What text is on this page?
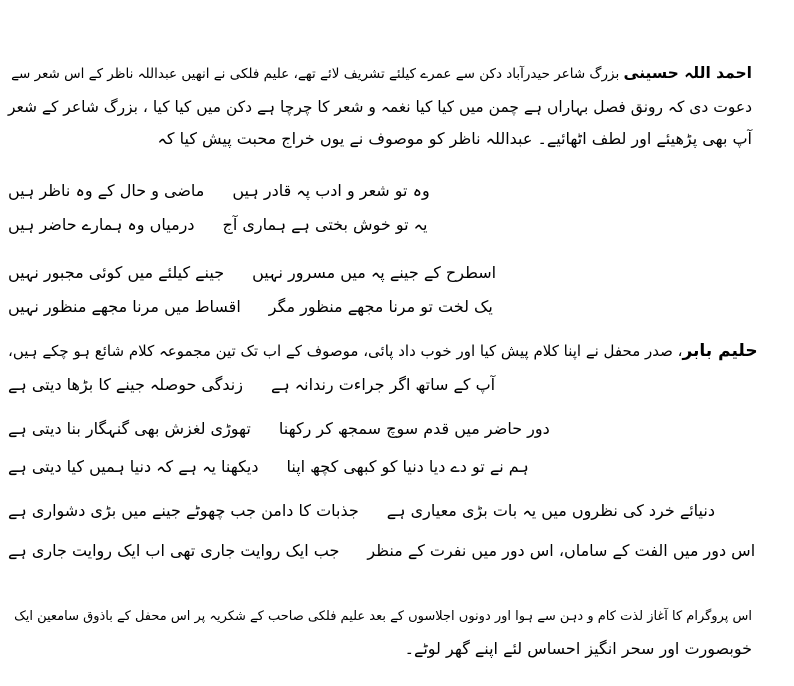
احمد اللہ حسینی بزرگ شاعر حیدرآباد دکن سے عمرے کیلئے تشریف لائے تھے، علیم فلکی نے انھیں عبداللہ ناظر کے اس شعر سے
دعوت دی کہ رونق فصل بہاراں ہے چمن میں کیا کیا نغمہ و شعر کا چرچا ہے دکن میں کیا کیا ، بزرگ شاعر کے شعر
آپ بھی پڑھیئے اور لطف اٹھائیے۔ عبداللہ ناظر کو موصوف نے یوں خراج محبت پیش کیا کہ
وہ تو شعر و ادب پہ قادر ہیںماضی و حال کے وہ ناظر ہیں
یہ تو خوش بختی ہے ہماری آجدرمیاں وہ ہمارے حاضر ہیں
اسطرح کے جینے پہ میں مسرور نہیںجینے کیلئے میں کوئی مجبور نہیں
یک لخت تو مرنا مجھے منظور مگراقساط میں مرنا مجھے منظور نہیں
حلیم بابر، صدر محفل نے اپنا کلام پیش کیا اور خوب داد پائی، موصوف کے اب تک تین مجموعہ کلام شائع ہو چکے ہیں،
آپ کے ساتھ اگر جراءت رندانہ ہےزندگی حوصلہ جینے کا بڑھا دیتی ہے
دور حاضر میں قدم سوچ سمجھ کر رکھناتھوڑی لغزش بھی گنہگار بنا دیتی ہے
ہم نے تو دے دیا دنیا کو کبھی کچھ اپنادیکھنا یہ ہے کہ دنیا ہمیں کیا دیتی ہے
دنیائے خرد کی نظروں میں یہ بات بڑی معیاری ہےجذبات کا دامن جب چھوٹے جینے میں بڑی دشواری ہے
اس دور میں الفت کے ساماں، اس دور میں نفرت کے منظرجب ایک روایت جاری تھی اب ایک روایت جاری ہے
اس پروگرام کا آغاز لذت کام و دہن سے ہوا اور دونوں اجلاسوں کے بعد علیم فلکی صاحب کے شکریہ پر اس محفل کے باذوق سامعین ایک
خوبصورت اور سحر انگیز احساس لئے اپنے گھر لوٹے۔
